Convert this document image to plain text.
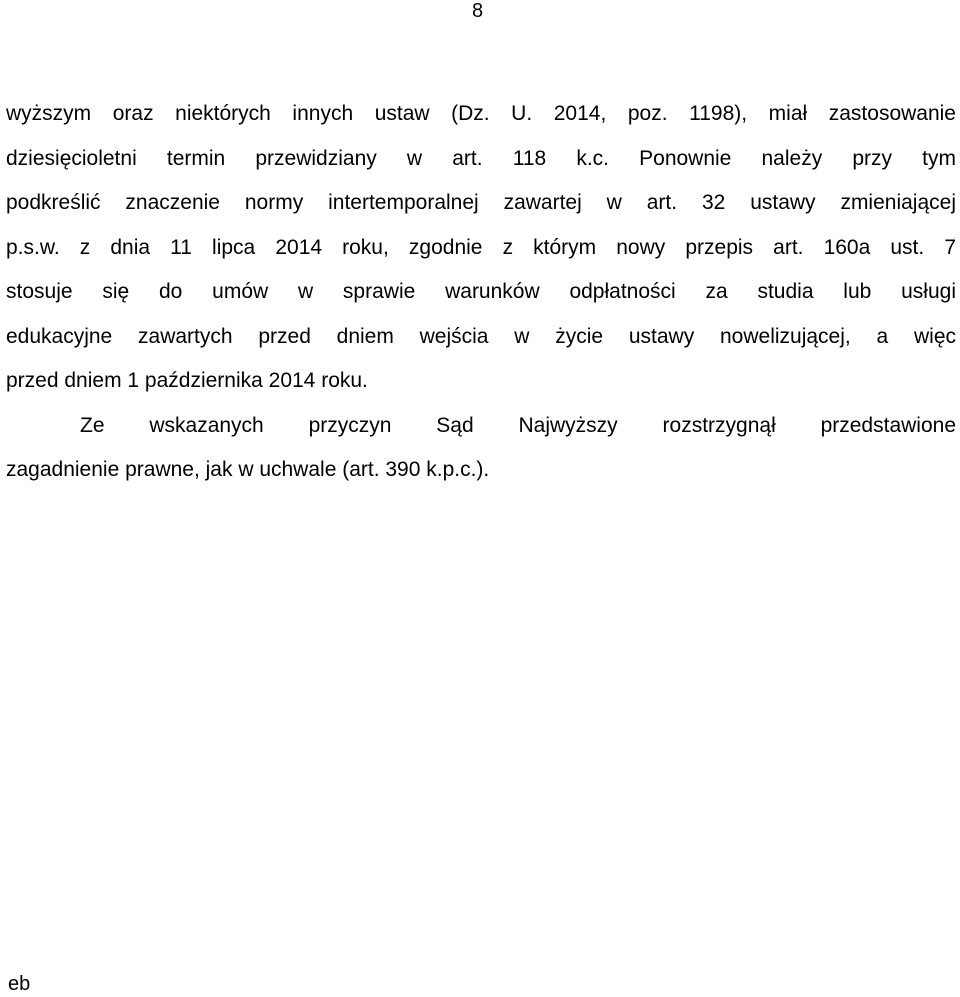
8
wyższym oraz niektórych innych ustaw (Dz. U. 2014, poz. 1198), miał zastosowanie
dziesięcioletni termin przewidziany w art. 118 k.c. Ponownie należy przy tym
podkreślić znaczenie normy intertemporalnej zawartej w art. 32 ustawy zmieniającej
p.s.w. z dnia 11 lipca 2014 roku, zgodnie z którym nowy przepis art. 160a ust. 7
stosuje się do umów w sprawie warunków odpłatności za studia lub usługi
edukacyjne zawartych przed dniem wejścia w życie ustawy nowelizującej, a więc
przed dniem 1 października 2014 roku.
Ze wskazanych przyczyn Sąd Najwyższy rozstrzygnął przedstawione
zagadnienie prawne, jak w uchwale (art. 390 k.p.c.).
eb
